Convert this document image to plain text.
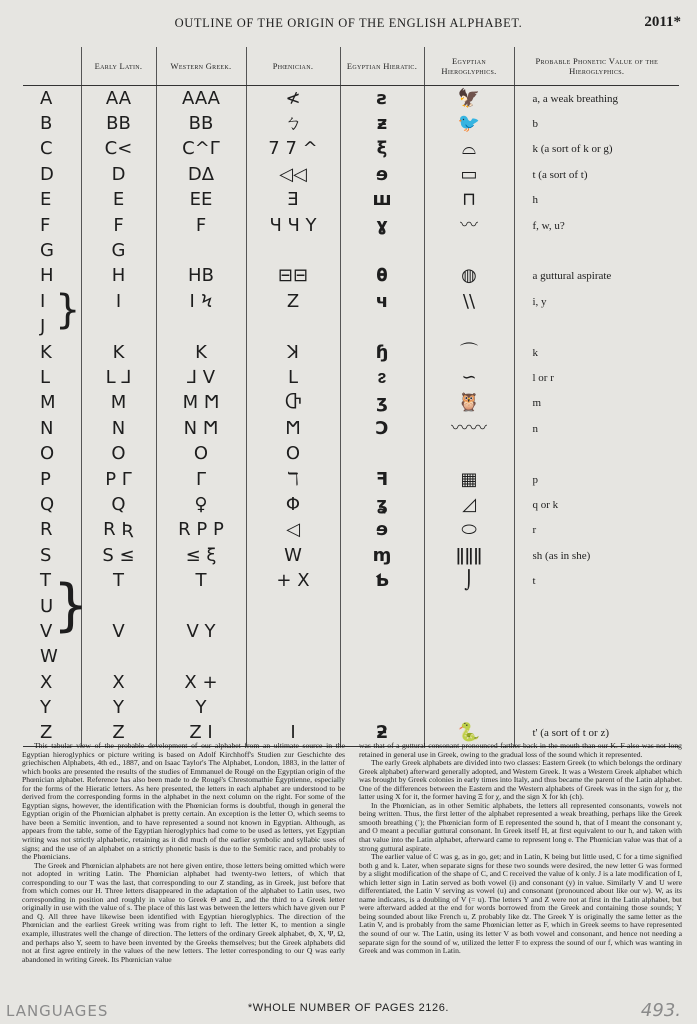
OUTLINE OF THE ORIGIN OF THE ENGLISH ALPHABET.	2011*
	Early Latin.	Western Greek.	Phœnician.	Egyptian Hieratic.	Egyptian Hieroglyphics.	Probable Phonetic Value of the Hieroglyphics.
A	AA	AAA	≮	ƨ	🦅	a, a weak breathing
B	BB	BB	ㄅ	ƶ	🐦	b
C	C<	C^Γ	7 7 ^	ξ	⌓	k (a sort of k or g)
D	D	DΔ	◁◁	ɘ	▭	t (a sort of t)
E	E	EE	Ǝ	ш	⊓	h
F	F	F	Ч Ч Y	ɣ	〰	f, w, u?
G	G					
H	H	HB	⊟⊟	𝛉	◍	a guttural aspirate
I	I	I Ϟ	Z	ч	\\	i, y
J						
K	K	K	ꓘ	ɧ	⌒	k
L	L ⅃	⅃ V	L	ᴤ	∽	l or r
M	M	M Ϻ	Ⴇ	ʒ	🦉	m
N	N	N Ϻ	Ϻ	Ɔ	〰〰	n
O	O	O	O			
P	P Γ	Γ	ℸ	ꟻ	▦	p
Q	Q	♀	Φ	ʓ	◿	q or k
R	R Ʀ	R P P	◁	ɘ	⬭	r
S	S ≤	≤ ξ	W	ɱ	ǁǁǁ	sh (as in she)
T	T	T	+ X	Ƅ	⌡	t
U						
V	V	V Y				
W						
X	X	X +				
Y	Y	Y				
Z	Z	Z I	I	ƻ	🐍	t' (a sort of t or z)
}
}

This tabular view of the probable development of our alphabet from an ultimate source in the Egyptian hieroglyphics or picture writing is based on Adolf Kirchhoff's Studien zur Geschichte des griechischen Alphabets, 4th ed., 1887, and on Isaac Taylor's The Alphabet, London, 1883, in the latter of which books are presented the results of the studies of Emmanuel de Rougé on the Egyptian origin of the Phœnician alphabet. Reference has also been made to de Rougé's Chrestomathie Égyptienne, especially for the forms of the Hieratic letters. As here presented, the letters in each alphabet are understood to be derived from the corresponding forms in the alphabet in the next column on the right. For some of the Egyptian signs, however, the identification with the Phœnician forms is doubtful, though in general the Egyptian origin of the Phœnician alphabet is pretty certain. An exception is the letter O, which seems to have been a Semitic invention, and to have represented a sound not known in Egyptian. Although, as appears from the table, some of the Egyptian hieroglyphics had come to be used as letters, yet Egyptian writing was not strictly alphabetic, retaining as it did much of the earlier symbolic and syllabic uses of signs; and the use of an alphabet on a strictly phonetic basis is due to the Semitic race, and probably to the Phœnicians.

The Greek and Phœnician alphabets are not here given entire, those letters being omitted which were not adopted in writing Latin. The Phœnician alphabet had twenty-two letters, of which that corresponding to our T was the last, that corresponding to our Z standing, as in Greek, just before that from which comes our H. Three letters disappeared in the adaptation of the alphabet to Latin uses, two corresponding in position and roughly in value to Greek Θ and Ξ, and the third to a Greek letter originally in use with the value of s. The place of this last was between the letters which have given our P and Q. All three have likewise been identified with Egyptian hieroglyphics. The direction of the Phœnician and the earliest Greek writing was from right to left. The letter K, to mention a single example, illustrates well the change of direction. The letters of the ordinary Greek alphabet, Φ, X, Ψ, Ω, and perhaps also Y, seem to have been invented by the Greeks themselves; but the Greek alphabets did not at first agree entirely in the values of the new letters. The letter corresponding to our Q was early abandoned in writing Greek. Its Phœnician value

was that of a guttural consonant pronounced farther back in the mouth than our K. F also was not long retained in general use in Greek, owing to the gradual loss of the sound which it represented.

The early Greek alphabets are divided into two classes: Eastern Greek (to which belongs the ordinary Greek alphabet) afterward generally adopted, and Western Greek. It was a Western Greek alphabet which was brought by Greek colonies in early times into Italy, and thus became the parent of the Latin alphabet. One of the differences between the Eastern and the Western alphabets of Greek was in the sign for χ, the latter using X for it, the former having Ξ for χ, and the sign X for kh (ch).

In the Phœnician, as in other Semitic alphabets, the letters all represented consonants, vowels not being written. Thus, the first letter of the alphabet represented a weak breathing, perhaps like the Greek smooth breathing (᾿); the Phœnician form of E represented the sound h, that of I meant the consonant y, and O meant a peculiar guttural consonant. In Greek itself H, at first equivalent to our h, and taken with that value into the Latin alphabet, afterward came to represent long e. The Phœnician value was that of a strong guttural aspirate.

The earlier value of C was g, as in go, get; and in Latin, K being but little used, C for a time signified both g and k. Later, when separate signs for these two sounds were desired, the new letter G was formed by a slight modification of the shape of C, and C received the value of k only. J is a late modification of I, which letter sign in Latin served as both vowel (i) and consonant (y) in value. Similarly V and U were differentiated, the Latin V serving as vowel (u) and consonant (pronounced about like our w). W, as its name indicates, is a doubling of V (= u). The letters Y and Z were not at first in the Latin alphabet, but were afterward added at the end for words borrowed from the Greek and containing those sounds; Y being sounded about like French u, Z probably like dz. The Greek Y is originally the same letter as the Latin V, and is probably from the same Phœnician letter as F, which in Greek seems to have represented the sound of our w. The Latin, using its letter V as both vowel and consonant, and hence not needing a separate sign for the sound of w, utilized the letter F to express the sound of our f, which was wanting in Greek and was common in Latin.

LANGUAGES	*WHOLE NUMBER OF PAGES 2126.	493.
